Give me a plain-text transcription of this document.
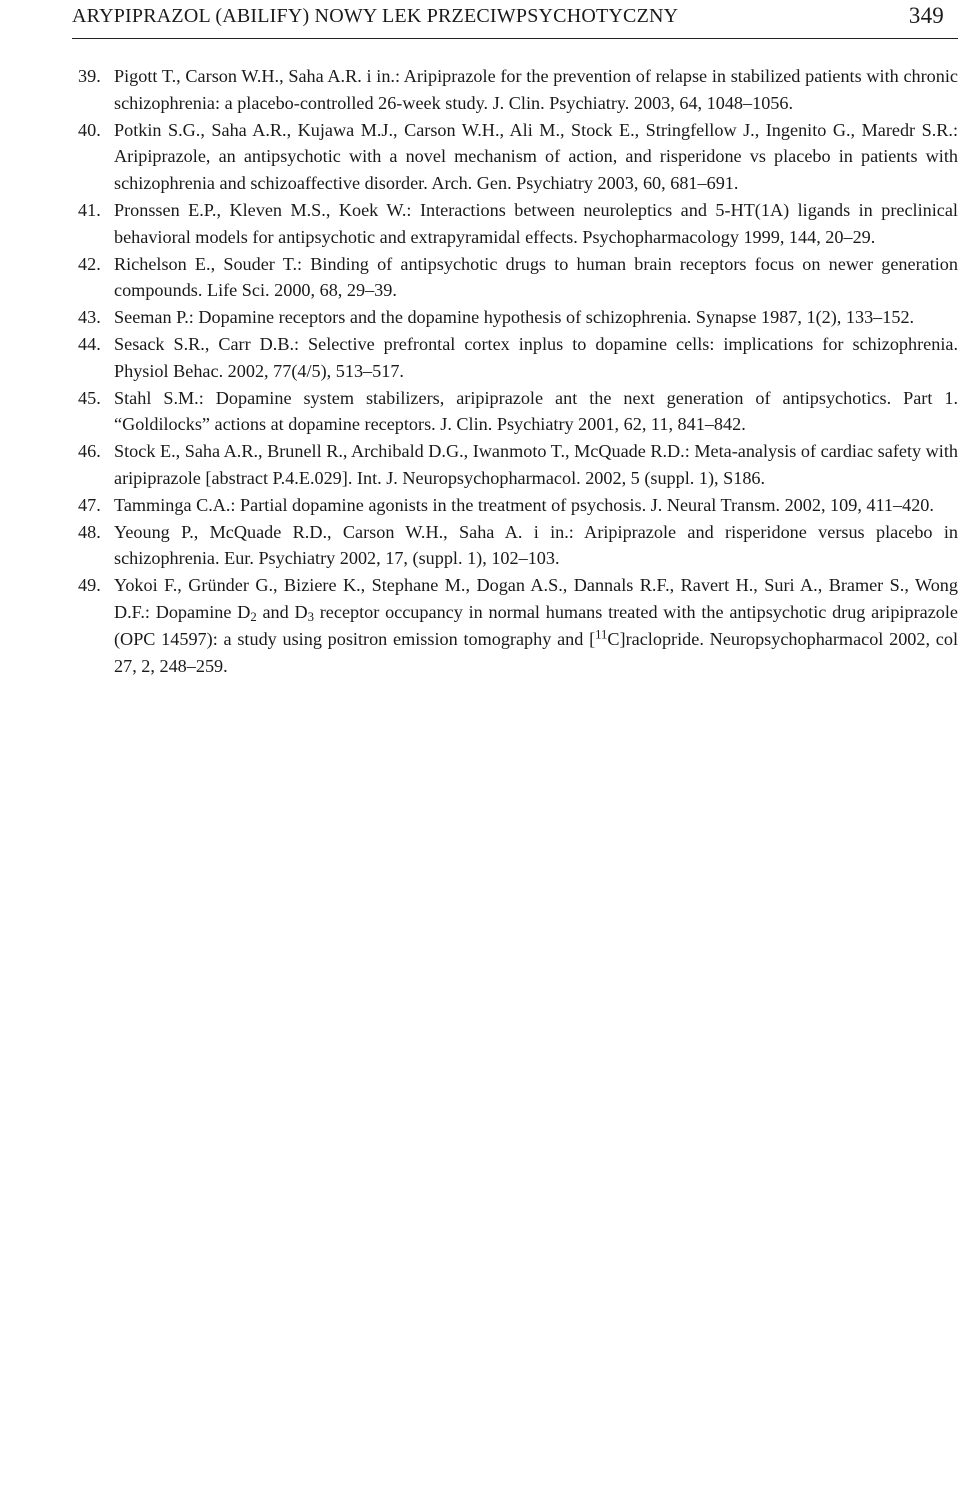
ARYPIPRAZOL (ABILIFY) NOWY LEK PRZECIWPSYCHOTYCZNY	349
39. Pigott T., Carson W.H., Saha A.R. i in.: Aripiprazole for the prevention of relapse in stabilized patients with chronic schizophrenia: a placebo-controlled 26-week study. J. Clin. Psychiatry. 2003, 64, 1048–1056.
40. Potkin S.G., Saha A.R., Kujawa M.J., Carson W.H., Ali M., Stock E., Stringfellow J., Ingenito G., Maredr S.R.: Aripiprazole, an antipsychotic with a novel mechanism of action, and risperidone vs placebo in patients with schizophrenia and schizoaffective disorder. Arch. Gen. Psychiatry 2003, 60, 681–691.
41. Pronssen E.P., Kleven M.S., Koek W.: Interactions between neuroleptics and 5-HT(1A) ligands in preclinical behavioral models for antipsychotic and extrapyramidal effects. Psychopharmacology 1999, 144, 20–29.
42. Richelson E., Souder T.: Binding of antipsychotic drugs to human brain receptors focus on newer generation compounds. Life Sci. 2000, 68, 29–39.
43. Seeman P.: Dopamine receptors and the dopamine hypothesis of schizophrenia. Synapse 1987, 1(2), 133–152.
44. Sesack S.R., Carr D.B.: Selective prefrontal cortex inplus to dopamine cells: implications for schizophrenia. Physiol Behac. 2002, 77(4/5), 513–517.
45. Stahl S.M.: Dopamine system stabilizers, aripiprazole ant the next generation of antipsychotics. Part 1. “Goldilocks” actions at dopamine receptors. J. Clin. Psychiatry 2001, 62, 11, 841–842.
46. Stock E., Saha A.R., Brunell R., Archibald D.G., Iwanmoto T., McQuade R.D.: Meta-analysis of cardiac safety with aripiprazole [abstract P.4.E.029]. Int. J. Neuropsychopharmacol. 2002, 5 (suppl. 1), S186.
47. Tamminga C.A.: Partial dopamine agonists in the treatment of psychosis. J. Neural Transm. 2002, 109, 411–420.
48. Yeoung P., McQuade R.D., Carson W.H., Saha A. i in.: Aripiprazole and risperidone versus placebo in schizophrenia. Eur. Psychiatry 2002, 17, (suppl. 1), 102–103.
49. Yokoi F., Gründer G., Biziere K., Stephane M., Dogan A.S., Dannals R.F., Ravert H., Suri A., Bramer S., Wong D.F.: Dopamine $D_2$ and $D_3$ receptor occupancy in normal humans treated with the antipsychotic drug aripiprazole (OPC 14597): a study using positron emission tomography and [$^{11}$C]raclopride. Neuropsychopharmacol 2002, col 27, 2, 248–259.
